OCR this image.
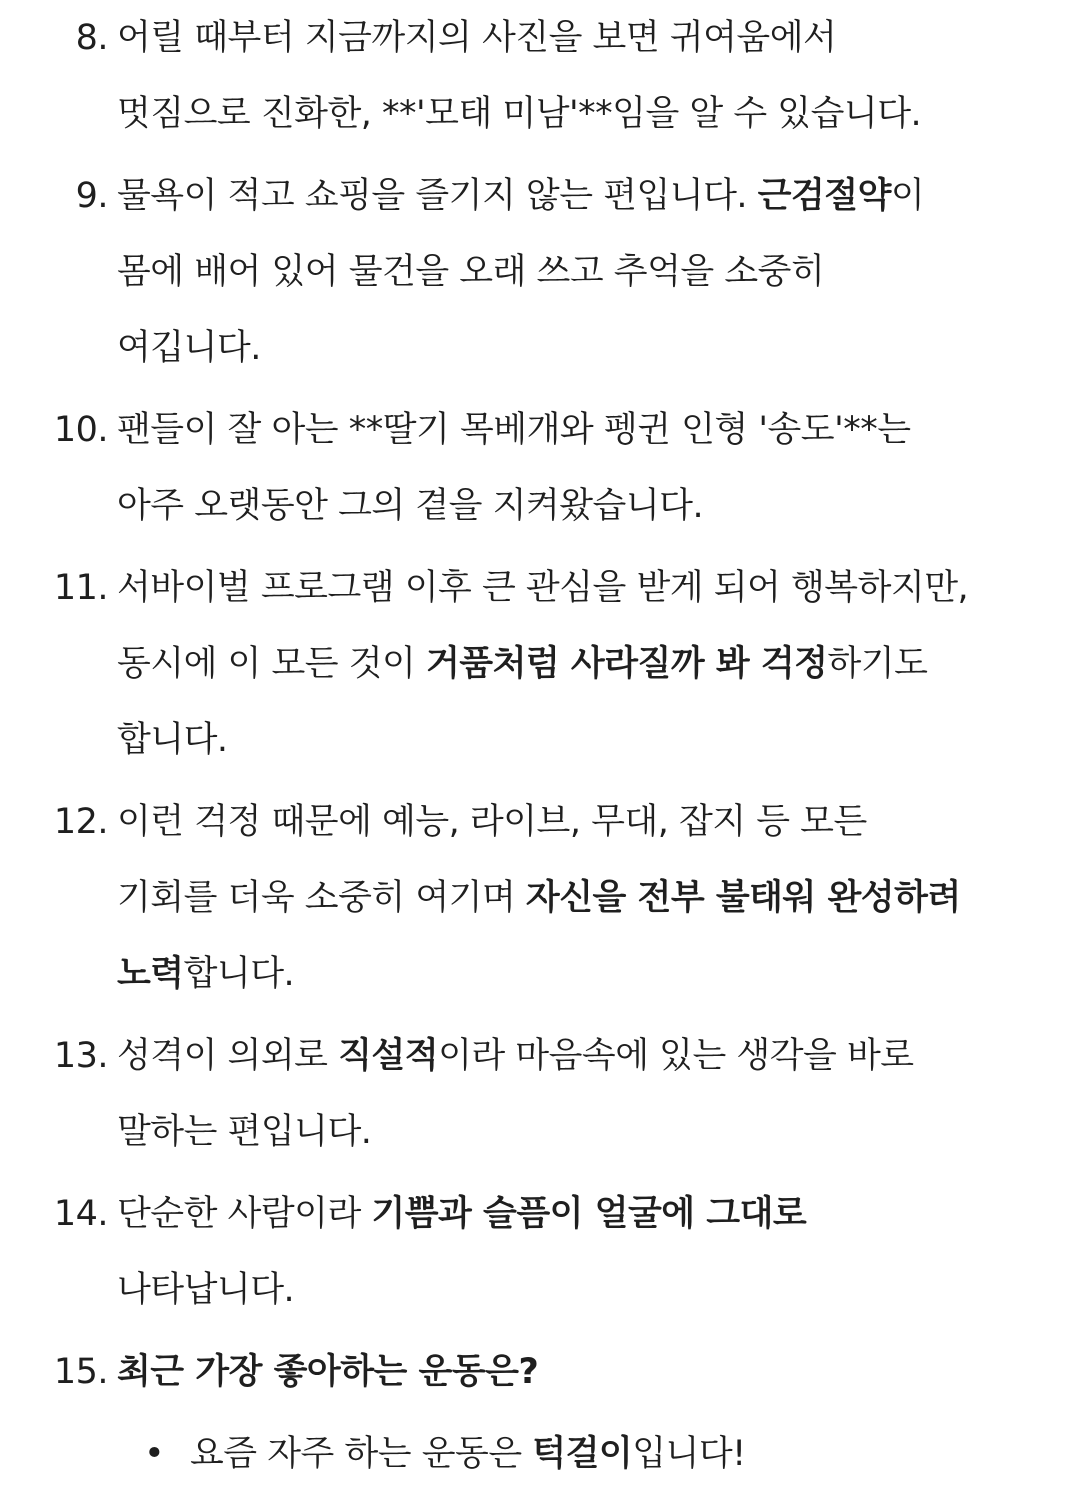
8. 어릴 때부터 지금까지의 사진을 보면 귀여움에서
멋짐으로 진화한, **'모태 미남'**임을 알 수 있습니다.
9. 물욕이 적고 쇼핑을 즐기지 않는 편입니다. 근검절약이
몸에 배어 있어 물건을 오래 쓰고 추억을 소중히
여깁니다.
10. 팬들이 잘 아는 **딸기 목베개와 펭귄 인형 '송도'**는
아주 오랫동안 그의 곁을 지켜왔습니다.
11. 서바이벌 프로그램 이후 큰 관심을 받게 되어 행복하지만,
동시에 이 모든 것이 거품처럼 사라질까 봐 걱정하기도
합니다.
12. 이런 걱정 때문에 예능, 라이브, 무대, 잡지 등 모든
기회를 더욱 소중히 여기며 자신을 전부 불태워 완성하려
노력합니다.
13. 성격이 의외로 직설적이라 마음속에 있는 생각을 바로
말하는 편입니다.
14. 단순한 사람이라 기쁨과 슬픔이 얼굴에 그대로
나타납니다.
15. 최근 가장 좋아하는 운동은?
• 요즘 자주 하는 운동은 턱걸이입니다!
